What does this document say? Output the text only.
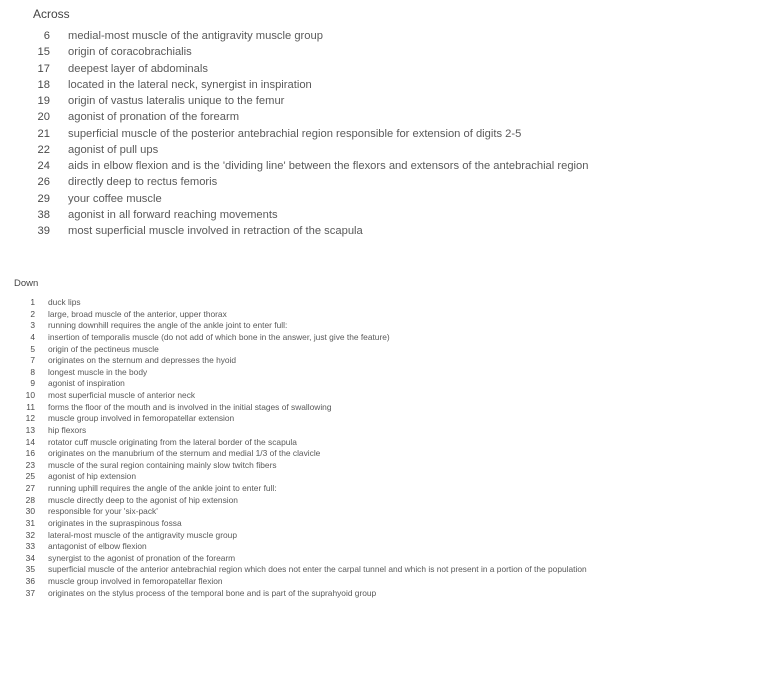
Across
6 medial-most muscle of the antigravity muscle group
15 origin of coracobrachialis
17 deepest layer of abdominals
18 located in the lateral neck, synergist in inspiration
19 origin of vastus lateralis unique to the femur
20 agonist of pronation of the forearm
21 superficial muscle of the posterior antebrachial region responsible for extension of digits 2-5
22 agonist of pull ups
24 aids in elbow flexion and is the 'dividing line' between the flexors and extensors of the antebrachial region
26 directly deep to rectus femoris
29 your coffee muscle
38 agonist in all forward reaching movements
39 most superficial muscle involved in retraction of the scapula
Down
1 duck lips
2 large, broad muscle of the anterior, upper thorax
3 running downhill requires the angle of the ankle joint to enter full:
4 insertion of temporalis muscle (do not add of which bone in the answer, just give the feature)
5 origin of the pectineus muscle
7 originates on the sternum and depresses the hyoid
8 longest muscle in the body
9 agonist of inspiration
10 most superficial muscle of anterior neck
11 forms the floor of the mouth and is involved in the initial stages of swallowing
12 muscle group involved in femoropatellar extension
13 hip flexors
14 rotator cuff muscle originating from the lateral border of the scapula
16 originates on the manubrium of the sternum and medial 1/3 of the clavicle
23 muscle of the sural region containing mainly slow twitch fibers
25 agonist of hip extension
27 running uphill requires the angle of the ankle joint to enter full:
28 muscle directly deep to the agonist of hip extension
30 responsible for your 'six-pack'
31 originates in the supraspinous fossa
32 lateral-most muscle of the antigravity muscle group
33 antagonist of elbow flexion
34 synergist to the agonist of pronation of the forearm
35 superficial muscle of the anterior antebrachial region which does not enter the carpal tunnel and which is not present in a portion of the population
36 muscle group involved in femoropatellar flexion
37 originates on the stylus process of the temporal bone and is part of the suprahyoid group
